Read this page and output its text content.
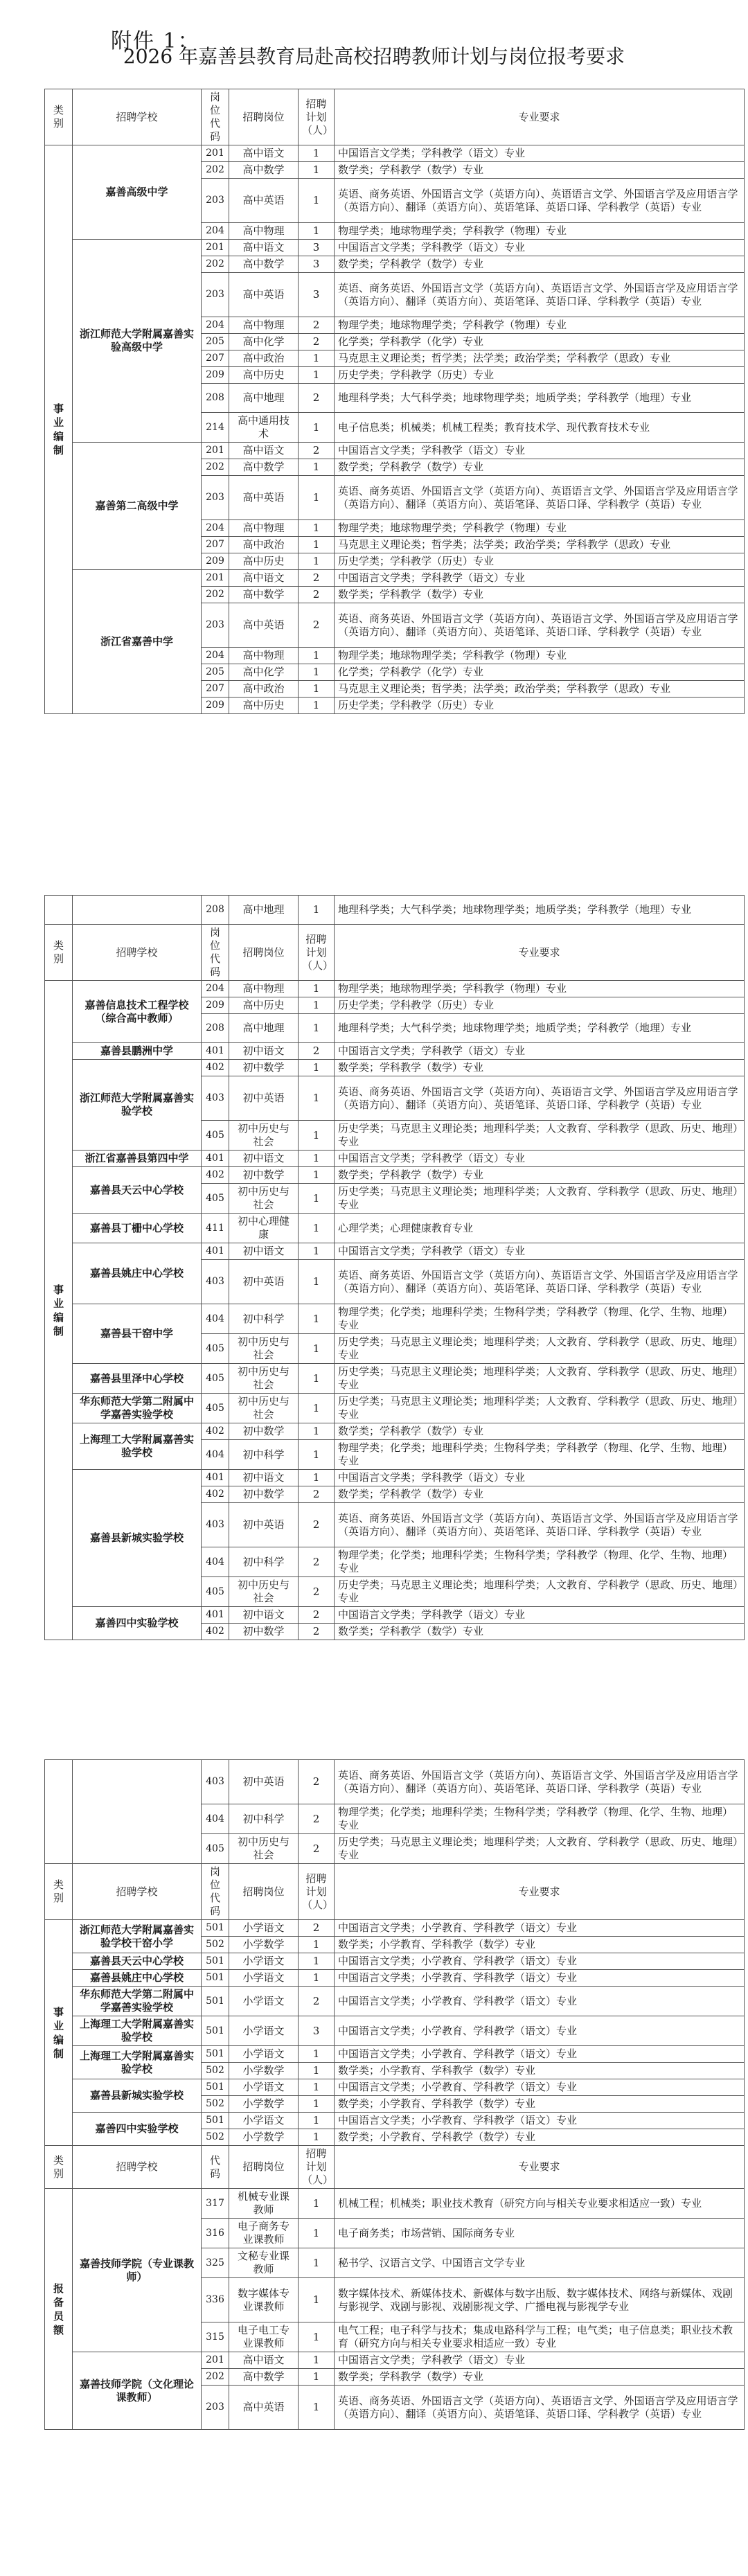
附件 1：
2026 年嘉善县教育局赴高校招聘教师计划与岗位报考要求
类别	招聘学校	岗位代码	招聘岗位	招聘计划（人）	专业要求

事
业
编
制	嘉善高级中学	201	高中语文	1	中国语言文学类；学科教学（语文）专业
		202	高中数学	1	数学类；学科教学（数学）专业
		203	高中英语	1	英语、商务英语、外国语言文学（英语方向）、英语语言文学、外国语言学及应用语言学（英语方向）、翻译（英语方向）、英语笔译、英语口译、学科教学（英语）专业
		204	高中物理	1	物理学类；地球物理学类；学科教学（物理）专业
	浙江师范大学附属嘉善实验高级中学	201	高中语文	3	中国语言文学类；学科教学（语文）专业
		202	高中数学	3	数学类；学科教学（数学）专业
		203	高中英语	3	英语、商务英语、外国语言文学（英语方向）、英语语言文学、外国语言学及应用语言学（英语方向）、翻译（英语方向）、英语笔译、英语口译、学科教学（英语）专业
		204	高中物理	2	物理学类；地球物理学类；学科教学（物理）专业
		205	高中化学	2	化学类；学科教学（化学）专业
		207	高中政治	1	马克思主义理论类；哲学类；法学类；政治学类；学科教学（思政）专业
		209	高中历史	1	历史学类；学科教学（历史）专业
		208	高中地理	2	地理科学类；大气科学类；地球物理学类；地质学类；学科教学（地理）专业
		214	高中通用技术	1	电子信息类；机械类；机械工程类；教育技术学、现代教育技术专业
	嘉善第二高级中学	201	高中语文	2	中国语言文学类；学科教学（语文）专业
		202	高中数学	1	数学类；学科教学（数学）专业
		203	高中英语	1	英语、商务英语、外国语言文学（英语方向）、英语语言文学、外国语言学及应用语言学（英语方向）、翻译（英语方向）、英语笔译、英语口译、学科教学（英语）专业
		204	高中物理	1	物理学类；地球物理学类；学科教学（物理）专业
		207	高中政治	1	马克思主义理论类；哲学类；法学类；政治学类；学科教学（思政）专业
		209	高中历史	1	历史学类；学科教学（历史）专业
	浙江省嘉善中学	201	高中语文	2	中国语言文学类；学科教学（语文）专业
		202	高中数学	2	数学类；学科教学（数学）专业
		203	高中英语	2	英语、商务英语、外国语言文学（英语方向）、英语语言文学、外国语言学及应用语言学（英语方向）、翻译（英语方向）、英语笔译、英语口译、学科教学（英语）专业
		204	高中物理	1	物理学类；地球物理学类；学科教学（物理）专业
		205	高中化学	1	化学类；学科教学（化学）专业
		207	高中政治	1	马克思主义理论类；哲学类；法学类；政治学类；学科教学（思政）专业
		209	高中历史	1	历史学类；学科教学（历史）专业
		208	高中地理	1	地理科学类；大气科学类；地球物理学类；地质学类；学科教学（地理）专业
类别	招聘学校	岗位代码	招聘岗位	招聘计划（人）	专业要求

事
业
编
制	嘉善信息技术工程学校（综合高中教师）	204	高中物理	1	物理学类；地球物理学类；学科教学（物理）专业
		209	高中历史	1	历史学类；学科教学（历史）专业
		208	高中地理	1	地理科学类；大气科学类；地球物理学类；地质学类；学科教学（地理）专业
	嘉善县鹏洲中学	401	初中语文	2	中国语言文学类；学科教学（语文）专业
	浙江师范大学附属嘉善实验学校	402	初中数学	1	数学类；学科教学（数学）专业
		403	初中英语	1	英语、商务英语、外国语言文学（英语方向）、英语语言文学、外国语言学及应用语言学（英语方向）、翻译（英语方向）、英语笔译、英语口译、学科教学（英语）专业
		405	初中历史与社会	1	历史学类；马克思主义理论类；地理科学类；人文教育、学科教学（思政、历史、地理）专业
	浙江省嘉善县第四中学	401	初中语文	1	中国语言文学类；学科教学（语文）专业
	嘉善县天云中心学校	402	初中数学	1	数学类；学科教学（数学）专业
		405	初中历史与社会	1	历史学类；马克思主义理论类；地理科学类；人文教育、学科教学（思政、历史、地理）专业
	嘉善县丁栅中心学校	411	初中心理健康	1	心理学类；心理健康教育专业
	嘉善县姚庄中心学校	401	初中语文	1	中国语言文学类；学科教学（语文）专业
		403	初中英语	1	英语、商务英语、外国语言文学（英语方向）、英语语言文学、外国语言学及应用语言学（英语方向）、翻译（英语方向）、英语笔译、英语口译、学科教学（英语）专业
	嘉善县干窑中学	404	初中科学	1	物理学类；化学类；地理科学类；生物科学类；学科教学（物理、化学、生物、地理）专业
		405	初中历史与社会	1	历史学类；马克思主义理论类；地理科学类；人文教育、学科教学（思政、历史、地理）专业
	嘉善县里泽中心学校	405	初中历史与社会	1	历史学类；马克思主义理论类；地理科学类；人文教育、学科教学（思政、历史、地理）专业
	华东师范大学第二附属中学嘉善实验学校	405	初中历史与社会	1	历史学类；马克思主义理论类；地理科学类；人文教育、学科教学（思政、历史、地理）专业
	上海理工大学附属嘉善实验学校	402	初中数学	1	数学类；学科教学（数学）专业
		404	初中科学	1	物理学类；化学类；地理科学类；生物科学类；学科教学（物理、化学、生物、地理）专业
	嘉善县新城实验学校	401	初中语文	1	中国语言文学类；学科教学（语文）专业
		402	初中数学	2	数学类；学科教学（数学）专业
		403	初中英语	2	英语、商务英语、外国语言文学（英语方向）、英语语言文学、外国语言学及应用语言学（英语方向）、翻译（英语方向）、英语笔译、英语口译、学科教学（英语）专业
		404	初中科学	2	物理学类；化学类；地理科学类；生物科学类；学科教学（物理、化学、生物、地理）专业
		405	初中历史与社会	2	历史学类；马克思主义理论类；地理科学类；人文教育、学科教学（思政、历史、地理）专业
	嘉善四中实验学校	401	初中语文	2	中国语言文学类；学科教学（语文）专业
		402	初中数学	2	数学类；学科教学（数学）专业
		403	初中英语	2	英语、商务英语、外国语言文学（英语方向）、英语语言文学、外国语言学及应用语言学（英语方向）、翻译（英语方向）、英语笔译、英语口译、学科教学（英语）专业
		404	初中科学	2	物理学类；化学类；地理科学类；生物科学类；学科教学（物理、化学、生物、地理）专业
		405	初中历史与社会	2	历史学类；马克思主义理论类；地理科学类；人文教育、学科教学（思政、历史、地理）专业
类别	招聘学校	岗位代码	招聘岗位	招聘计划（人）	专业要求

事
业
编
制	浙江师范大学附属嘉善实验学校干窑小学	501	小学语文	2	中国语言文学类；小学教育、学科教学（语文）专业
		502	小学数学	1	数学类；小学教育、学科教学（数学）专业
	嘉善县天云中心学校	501	小学语文	1	中国语言文学类；小学教育、学科教学（语文）专业
	嘉善县姚庄中心学校	501	小学语文	1	中国语言文学类；小学教育、学科教学（语文）专业
	华东师范大学第二附属中学嘉善实验学校	501	小学语文	2	中国语言文学类；小学教育、学科教学（语文）专业
	上海理工大学附属嘉善实验学校	501	小学语文	3	中国语言文学类；小学教育、学科教学（语文）专业
	上海理工大学附属嘉善实验学校	501	小学语文	1	中国语言文学类；小学教育、学科教学（语文）专业
		502	小学数学	1	数学类；小学教育、学科教学（数学）专业
	嘉善县新城实验学校	501	小学语文	1	中国语言文学类；小学教育、学科教学（语文）专业
		502	小学数学	1	数学类；小学教育、学科教学（数学）专业
	嘉善四中实验学校	501	小学语文	1	中国语言文学类；小学教育、学科教学（语文）专业
		502	小学数学	1	数学类；小学教育、学科教学（数学）专业
类别	招聘学校	代码	招聘岗位	招聘计划（人）	专业要求

报
备
员
额	嘉善技师学院（专业课教师）	317	机械专业课教师	1	机械工程；机械类；职业技术教育（研究方向与相关专业要求相适应一致）专业
		316	电子商务专业课教师	1	电子商务类；市场营销、国际商务专业
		325	文秘专业课教师	1	秘书学、汉语言文学、中国语言文学专业
		336	数字媒体专业课教师	1	数字媒体技术、新媒体技术、新媒体与数字出版、数字媒体技术、网络与新媒体、戏剧与影视学、戏剧与影视、戏剧影视文学、广播电视与影视学专业
		315	电子电工专业课教师	1	电气工程；电子科学与技术；集成电路科学与工程；电气类；电子信息类；职业技术教育（研究方向与相关专业要求相适应一致）专业
	嘉善技师学院（文化理论课教师）	201	高中语文	1	中国语言文学类；学科教学（语文）专业
		202	高中数学	1	数学类；学科教学（数学）专业
		203	高中英语	1	英语、商务英语、外国语言文学（英语方向）、英语语言文学、外国语言学及应用语言学（英语方向）、翻译（英语方向）、英语笔译、英语口译、学科教学（英语）专业
